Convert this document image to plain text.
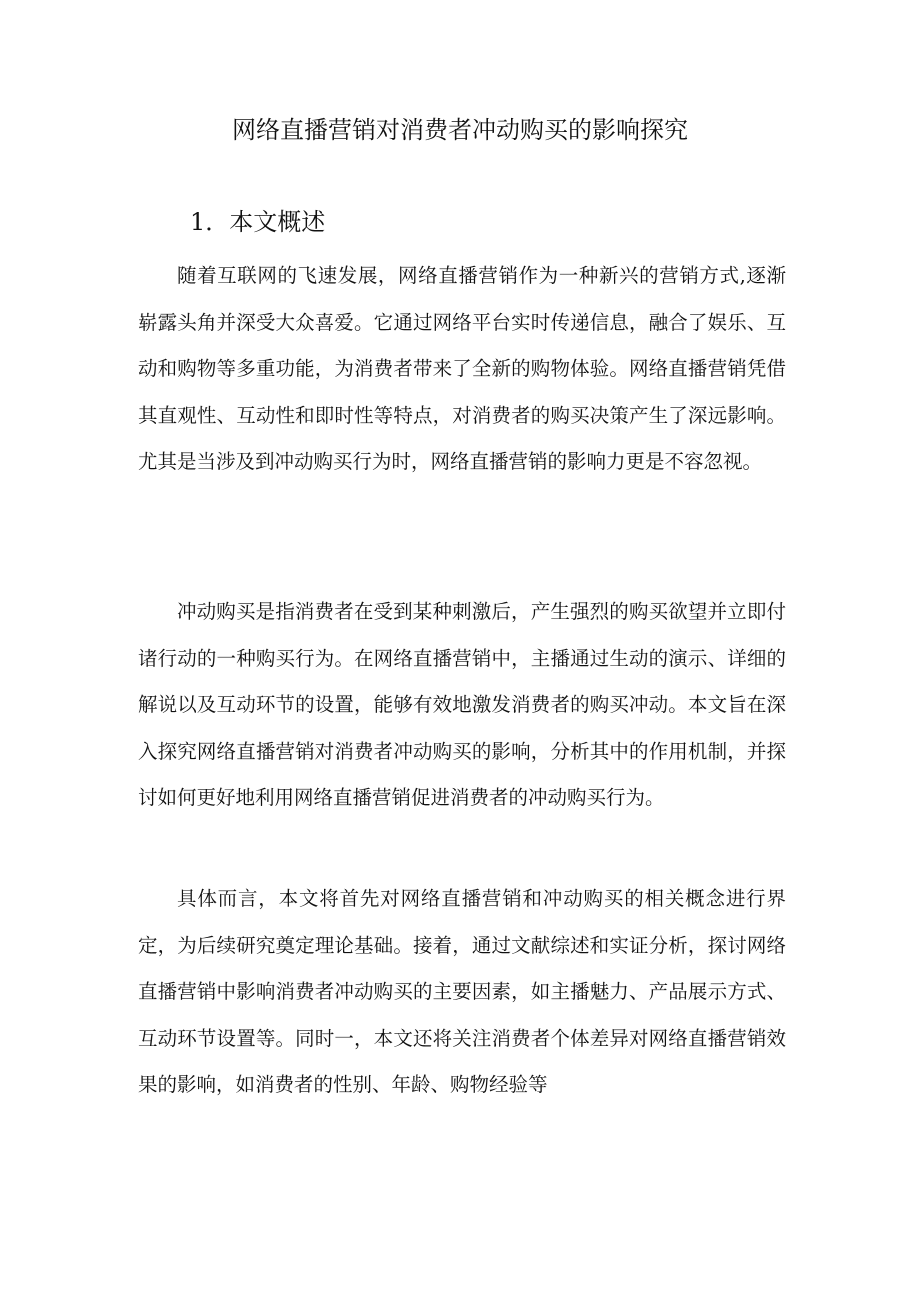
网络直播营销对消费者冲动购买的影响探究
1．本文概述

随着互联网的飞速发展，网络直播营销作为一种新兴的营销方式,逐渐崭露头角并深受大众喜爱。它通过网络平台实时传递信息，融合了娱乐、互动和购物等多重功能，为消费者带来了全新的购物体验。网络直播营销凭借其直观性、互动性和即时性等特点，对消费者的购买决策产生了深远影响。尤其是当涉及到冲动购买行为时，网络直播营销的影响力更是不容忽视。

冲动购买是指消费者在受到某种刺激后，产生强烈的购买欲望并立即付诸行动的一种购买行为。在网络直播营销中，主播通过生动的演示、详细的解说以及互动环节的设置，能够有效地激发消费者的购买冲动。本文旨在深入探究网络直播营销对消费者冲动购买的影响，分析其中的作用机制，并探讨如何更好地利用网络直播营销促进消费者的冲动购买行为。

具体而言，本文将首先对网络直播营销和冲动购买的相关概念进行界定，为后续研究奠定理论基础。接着，通过文献综述和实证分析，探讨网络直播营销中影响消费者冲动购买的主要因素，如主播魅力、产品展示方式、互动环节设置等。同时一，本文还将关注消费者个体差异对网络直播营销效果的影响，如消费者的性别、年龄、购物经验等
